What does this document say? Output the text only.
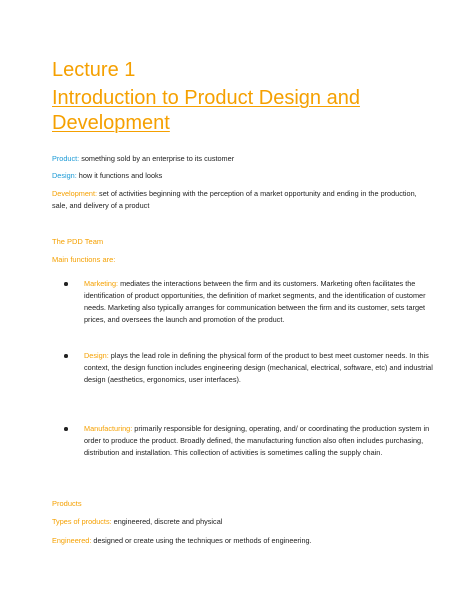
Lecture 1
Introduction to Product Design and
Development
Product: something sold by an enterprise to its customer
Design: how it functions and looks
Development: set of activities beginning with the perception of a market opportunity and ending in the production, sale, and delivery of a product
The PDD Team
Main functions are:
Marketing: mediates the interactions between the firm and its customers. Marketing often facilitates the identification of product opportunities, the definition of market segments, and the identification of customer needs. Marketing also typically arranges for communication between the firm and its customer, sets target prices, and oversees the launch and promotion of the product.
Design: plays the lead role in defining the physical form of the product to best meet customer needs. In this context, the design function includes engineering design (mechanical, electrical, software, etc) and industrial design (aesthetics, ergonomics, user interfaces).
Manufacturing: primarily responsible for designing, operating, and/ or coordinating the production system in order to produce the product. Broadly defined, the manufacturing function also often includes purchasing, distribution and installation. This collection of activities is sometimes calling the supply chain.
Products
Types of products: engineered, discrete and physical
Engineered: designed or create using the techniques or methods of engineering.
